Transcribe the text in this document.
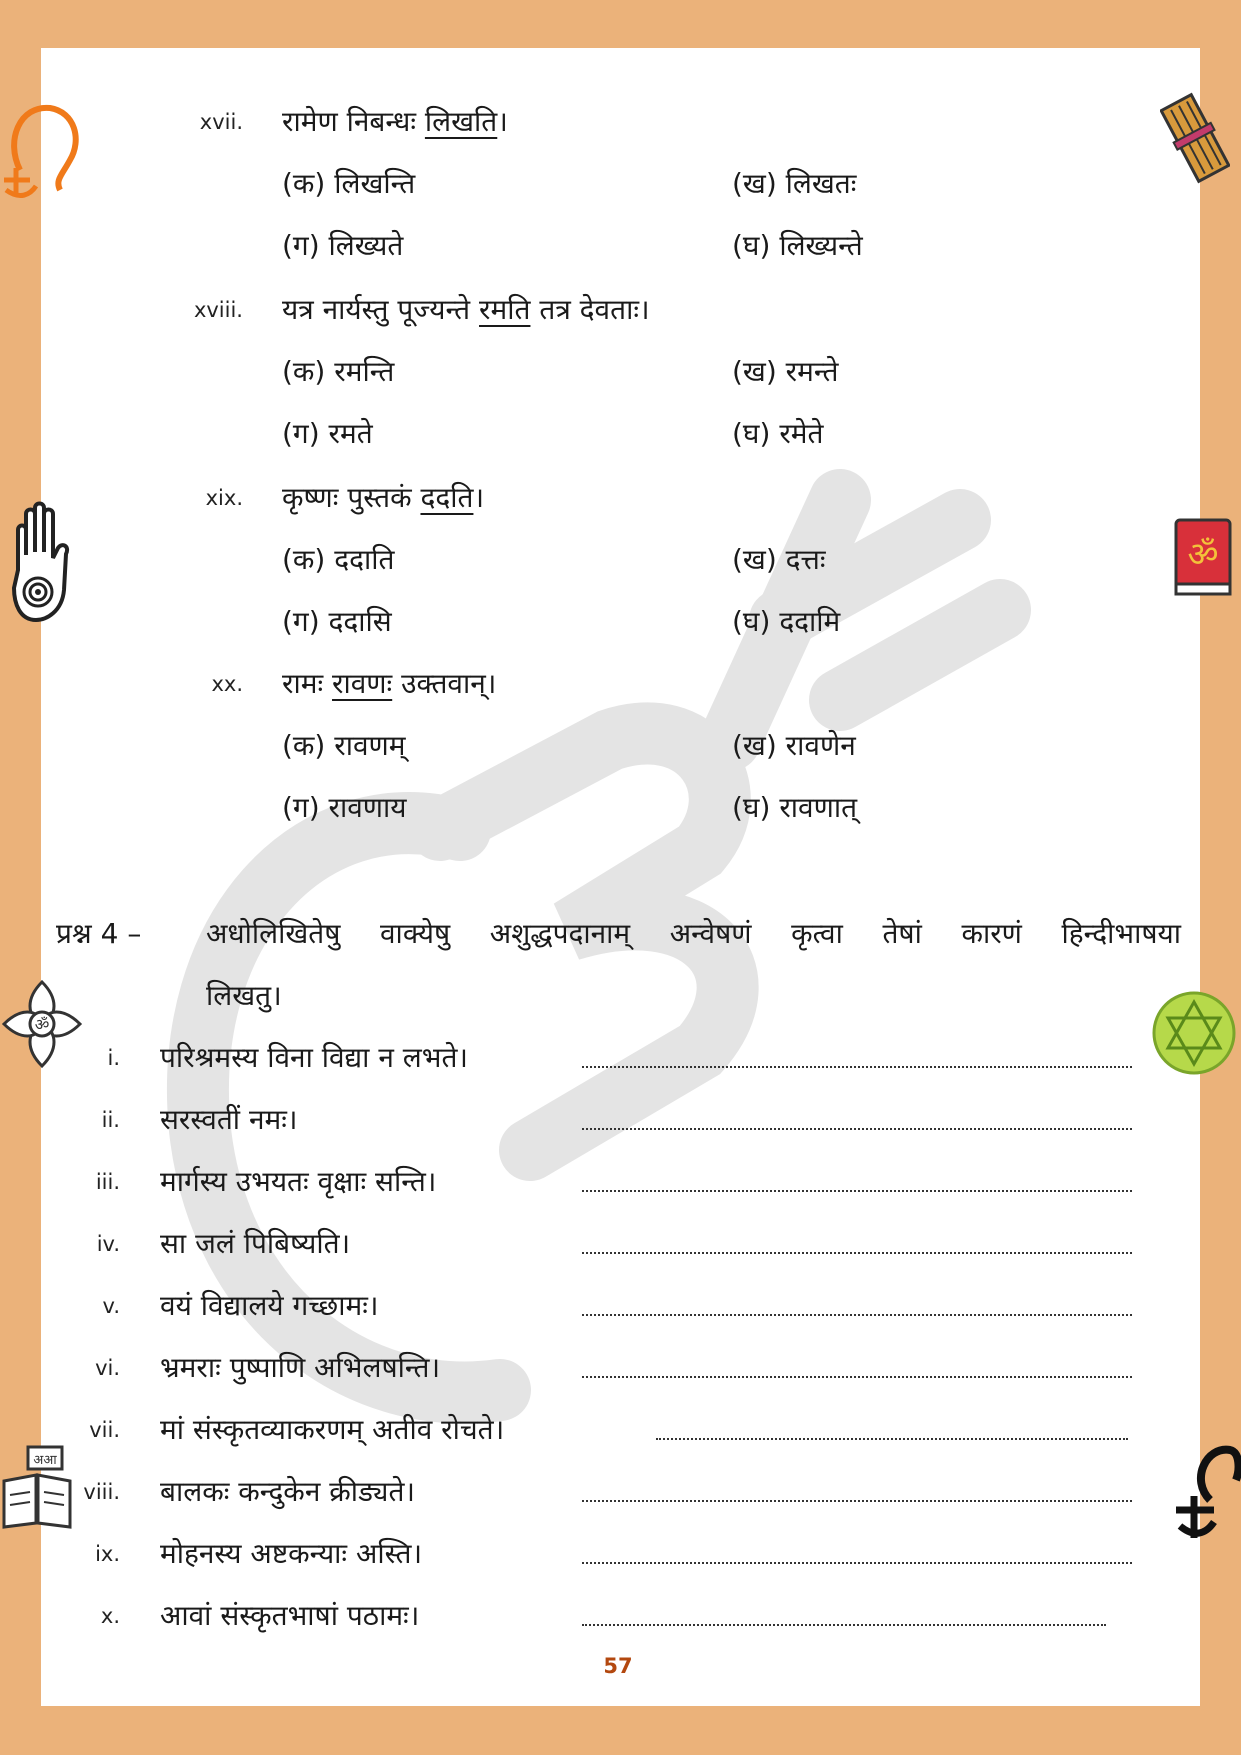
ॐ
ॐ
अआ
xvii. रामेण निबन्धः लिखति।
(क) लिखन्ति	(ख) लिखतः
(ग) लिख्यते	(घ) लिख्यन्ते
xviii. यत्र नार्यस्तु पूज्यन्ते रमति तत्र देवताः।
(क) रमन्ति	(ख) रमन्ते
(ग) रमते	(घ) रमेते
xix. कृष्णः पुस्तकं ददति।
(क) ददाति	(ख) दत्तः
(ग) ददासि	(घ) ददामि
xx. रामः रावणः उक्तवान्।
(क) रावणम्	(ख) रावणेन
(ग) रावणाय	(घ) रावणात्
प्रश्न 4 – अधोलिखितेषु वाक्येषु अशुद्धपदानाम् अन्वेषणं कृत्वा तेषां कारणं हिन्दीभाषया
लिखतु।
i. परिश्रमस्य विना विद्या न लभते।
ii. सरस्वतीं नमः।
iii. मार्गस्य उभयतः वृक्षाः सन्ति।
iv. सा जलं पिबिष्यति।
v. वयं विद्यालये गच्छामः।
vi. भ्रमराः पुष्पाणि अभिलषन्ति।
vii. मां संस्कृतव्याकरणम् अतीव रोचते।
viii. बालकः कन्दुकेन क्रीड्यते।
ix. मोहनस्य अष्टकन्याः अस्ति।
x. आवां संस्कृतभाषां पठामः।
57
